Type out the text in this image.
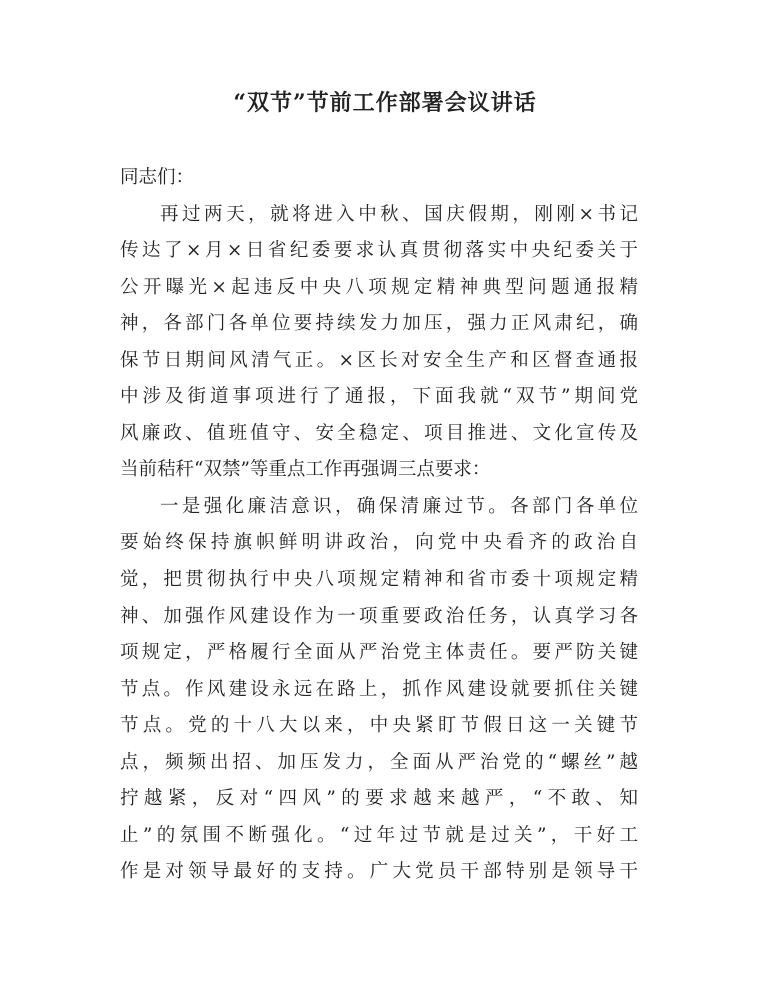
“双节”节前工作部署会议讲话
同志们：
再过两天，就将进入中秋、国庆假期，刚刚×书记
传达了×月×日省纪委要求认真贯彻落实中央纪委关于
公开曝光×起违反中央八项规定精神典型问题通报精
神，各部门各单位要持续发力加压，强力正风肃纪，确
保节日期间风清气正。×区长对安全生产和区督查通报
中涉及街道事项进行了通报，下面我就“双节”期间党
风廉政、值班值守、安全稳定、项目推进、文化宣传及
当前秸秆“双禁”等重点工作再强调三点要求：
一是强化廉洁意识，确保清廉过节。各部门各单位
要始终保持旗帜鲜明讲政治，向党中央看齐的政治自
觉，把贯彻执行中央八项规定精神和省市委十项规定精
神、加强作风建设作为一项重要政治任务，认真学习各
项规定，严格履行全面从严治党主体责任。要严防关键
节点。作风建设永远在路上，抓作风建设就要抓住关键
节点。党的十八大以来，中央紧盯节假日这一关键节
点，频频出招、加压发力，全面从严治党的“螺丝”越
拧越紧，反对“四风”的要求越来越严，“不敢、知
止”的氛围不断强化。“过年过节就是过关”，干好工
作是对领导最好的支持。广大党员干部特别是领导干
